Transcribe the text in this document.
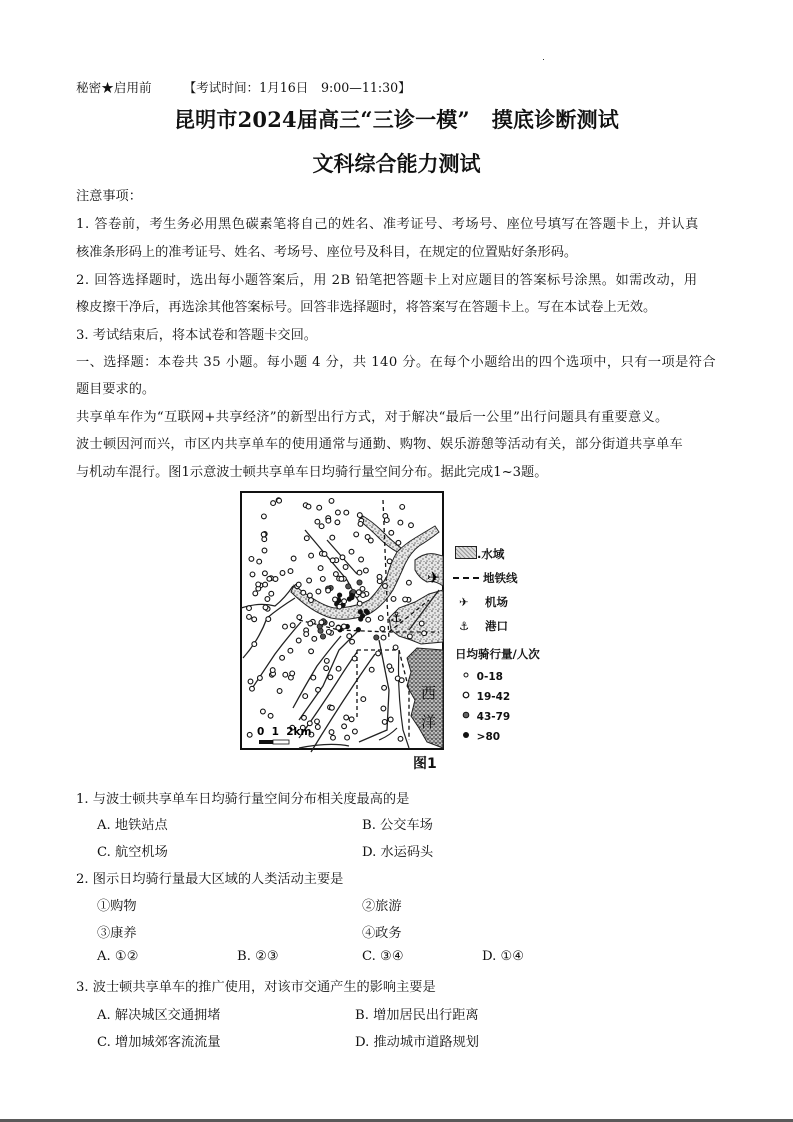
秘密★启用前	【考试时间：1月16日　9:00—11:30】
昆明市2024届高三“三诊一模” 摸底诊断测试
文科综合能力测试
注意事项：
1. 答卷前，考生务必用黑色碳素笔将自己的姓名、准考证号、考场号、座位号填写在答题卡上，并认真
核准条形码上的准考证号、姓名、考场号、座位号及科目，在规定的位置贴好条形码。
2. 回答选择题时，选出每小题答案后，用 2B 铅笔把答题卡上对应题目的答案标号涂黑。如需改动，用
橡皮擦干净后，再选涂其他答案标号。回答非选择题时，将答案写在答题卡上。写在本试卷上无效。
3. 考试结束后，将本试卷和答题卡交回。
一、选择题：本卷共 35 小题。每小题 4 分，共 140 分。在每个小题给出的四个选项中，只有一项是符合
题目要求的。
共享单车作为“互联网+共享经济”的新型出行方式，对于解决“最后一公里”出行问题具有重要意义。
波士顿因河而兴，市区内共享单车的使用通常与通勤、购物、娱乐游憩等活动有关，部分街道共享单车
与机动车混行。图1示意波士顿共享单车日均骑行量空间分布。据此完成1~3题。
✈
⚓
西
洋
0  1  2km
.水域
地铁线
✈ 机场
⚓ 港口
日均骑行量/人次
0-18
19-42
43-79
>80
图1
1. 与波士顿共享单车日均骑行量空间分布相关度最高的是
A. 地铁站点	B. 公交车场
C. 航空机场	D. 水运码头
2. 图示日均骑行量最大区域的人类活动主要是
①购物	②旅游
③康养	④政务
A. ①②	B. ②③	C. ③④	D. ①④
3. 波士顿共享单车的推广使用，对该市交通产生的影响主要是
A. 解决城区交通拥堵	B. 增加居民出行距离
C. 增加城郊客流流量	D. 推动城市道路规划
